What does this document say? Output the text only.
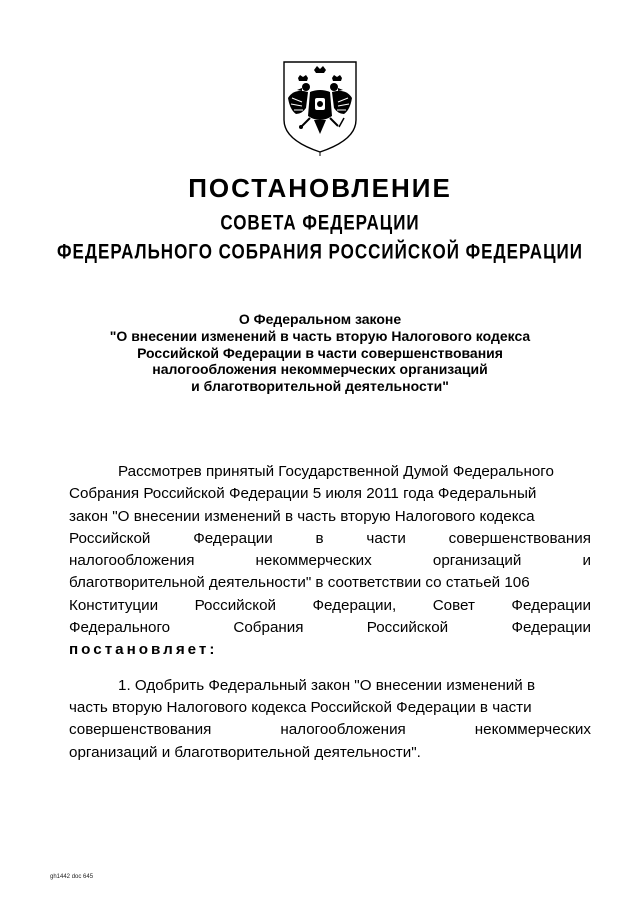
ПОСТАНОВЛЕНИЕ
СОВЕТА ФЕДЕРАЦИИ
ФЕДЕРАЛЬНОГО СОБРАНИЯ РОССИЙСКОЙ ФЕДЕРАЦИИ
О Федеральном законе
"О внесении изменений в часть вторую Налогового кодекса
Российской Федерации в части совершенствования
налогообложения некоммерческих организаций
и благотворительной деятельности"
Рассмотрев принятый Государственной Думой Федерального
Собрания Российской Федерации 5 июля 2011 года Федеральный
закон "О внесении изменений в часть вторую Налогового кодекса
Российской	Федерации	в	части	совершенствования
налогообложения	некоммерческих	организаций	и
благотворительной деятельности" в соответствии со статьей 106
Конституции Российской Федерации, Совет Федерации
Федерального	Собрания	Российской	Федерации
постановляет:
1. Одобрить Федеральный закон "О внесении изменений в
часть вторую Налогового кодекса Российской Федерации в части
совершенствования	налогообложения	некоммерческих
организаций и благотворительной деятельности".
gh1442 doc 645
